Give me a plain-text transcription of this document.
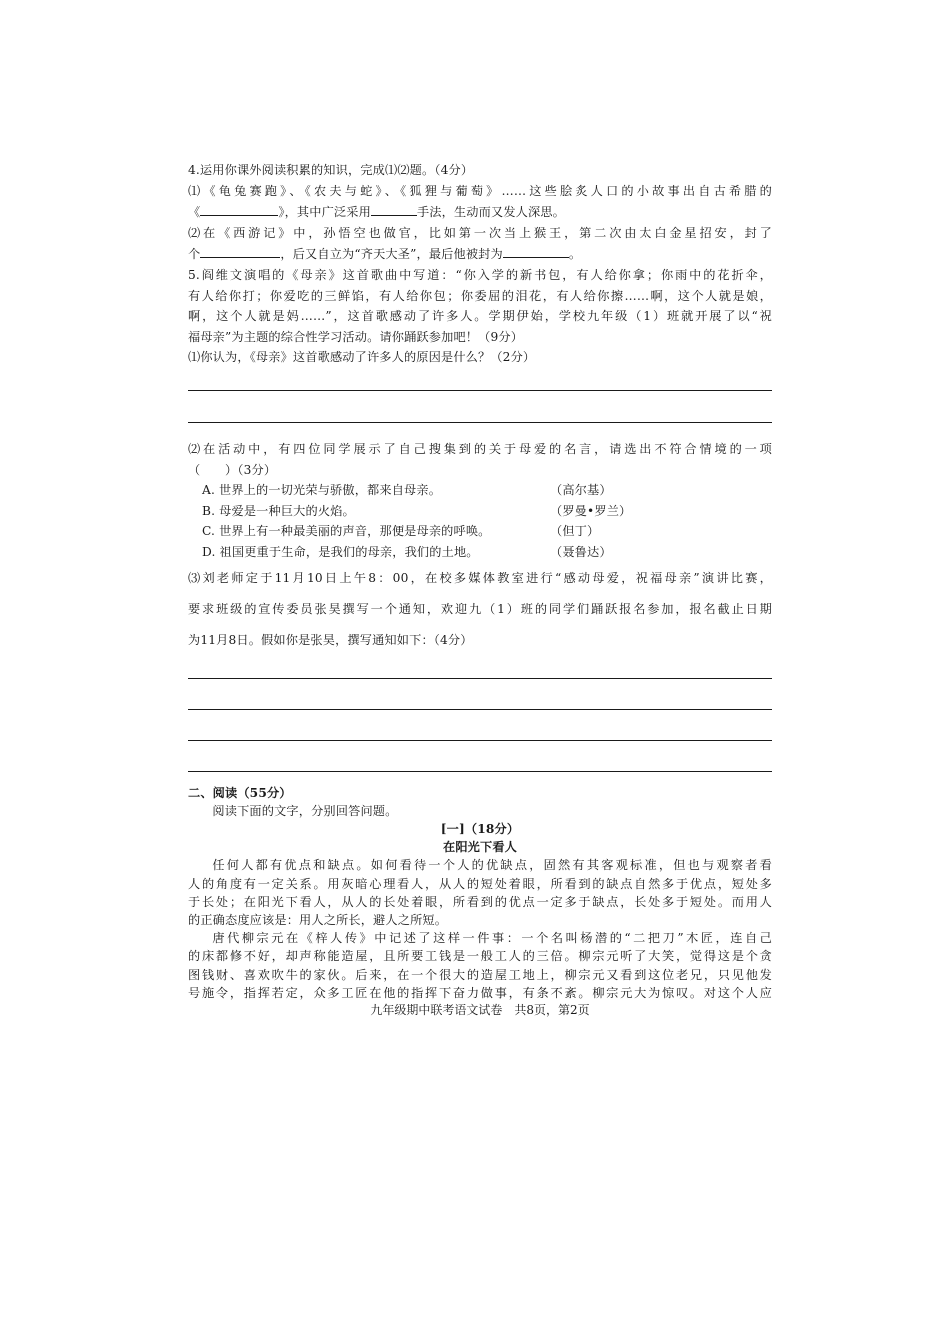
4.运用你课外阅读积累的知识，完成⑴⑵题。（4分）

⑴《龟兔赛跑》、《农夫与蛇》、《狐狸与葡萄》……这些脍炙人口的小故事出自古希腊的

《	》，其中广泛采用	手法，生动而又发人深思。

⑵在《西游记》中，孙悟空也做官，比如第一次当上猴王，第二次由太白金星招安，封了

个	，后又自立为“齐天大圣”，最后他被封为	。

5.阎维文演唱的《母亲》这首歌曲中写道：“你入学的新书包，有人给你拿；你雨中的花折伞，

有人给你打；你爱吃的三鲜馅，有人给你包；你委屈的泪花，有人给你擦……啊，这个人就是娘，

啊，这个人就是妈……”，这首歌感动了许多人。学期伊始，学校九年级（1）班就开展了以“祝

福母亲”为主题的综合性学习活动。请你踊跃参加吧！（9分）

⑴你认为，《母亲》这首歌感动了许多人的原因是什么？（2分）

⑵在活动中，有四位同学展示了自己搜集到的关于母爱的名言，请选出不符合情境的一项

（　　）（3分）

A. 世界上的一切光荣与骄傲，都来自母亲。	（高尔基）
B. 母爱是一种巨大的火焰。	（罗曼•罗兰）
C. 世界上有一种最美丽的声音，那便是母亲的呼唤。	（但丁）
D. 祖国更重于生命，是我们的母亲，我们的土地。	（聂鲁达）

⑶刘老师定于11月10日上午8：00，在校多媒体教室进行“感动母爱，祝福母亲”演讲比赛，

要求班级的宣传委员张昊撰写一个通知，欢迎九（1）班的同学们踊跃报名参加，报名截止日期

为11月8日。假如你是张昊，撰写通知如下：（4分）

二、阅读（55分）

阅读下面的文字，分别回答问题。

[一]（18分）

在阳光下看人

任何人都有优点和缺点。如何看待一个人的优缺点，固然有其客观标准，但也与观察者看

人的角度有一定关系。用灰暗心理看人，从人的短处着眼，所看到的缺点自然多于优点，短处多

于长处；在阳光下看人，从人的长处着眼，所看到的优点一定多于缺点，长处多于短处。而用人

的正确态度应该是：用人之所长，避人之所短。

唐代柳宗元在《梓人传》中记述了这样一件事：一个名叫杨潜的“二把刀”木匠，连自己

的床都修不好，却声称能造屋，且所要工钱是一般工人的三倍。柳宗元听了大笑，觉得这是个贪

图钱财、喜欢吹牛的家伙。后来，在一个很大的造屋工地上，柳宗元又看到这位老兄，只见他发

号施令，指挥若定，众多工匠在他的指挥下奋力做事，有条不紊。柳宗元大为惊叹。对这个人应

九年级期中联考语文试卷　共8页，第2页
